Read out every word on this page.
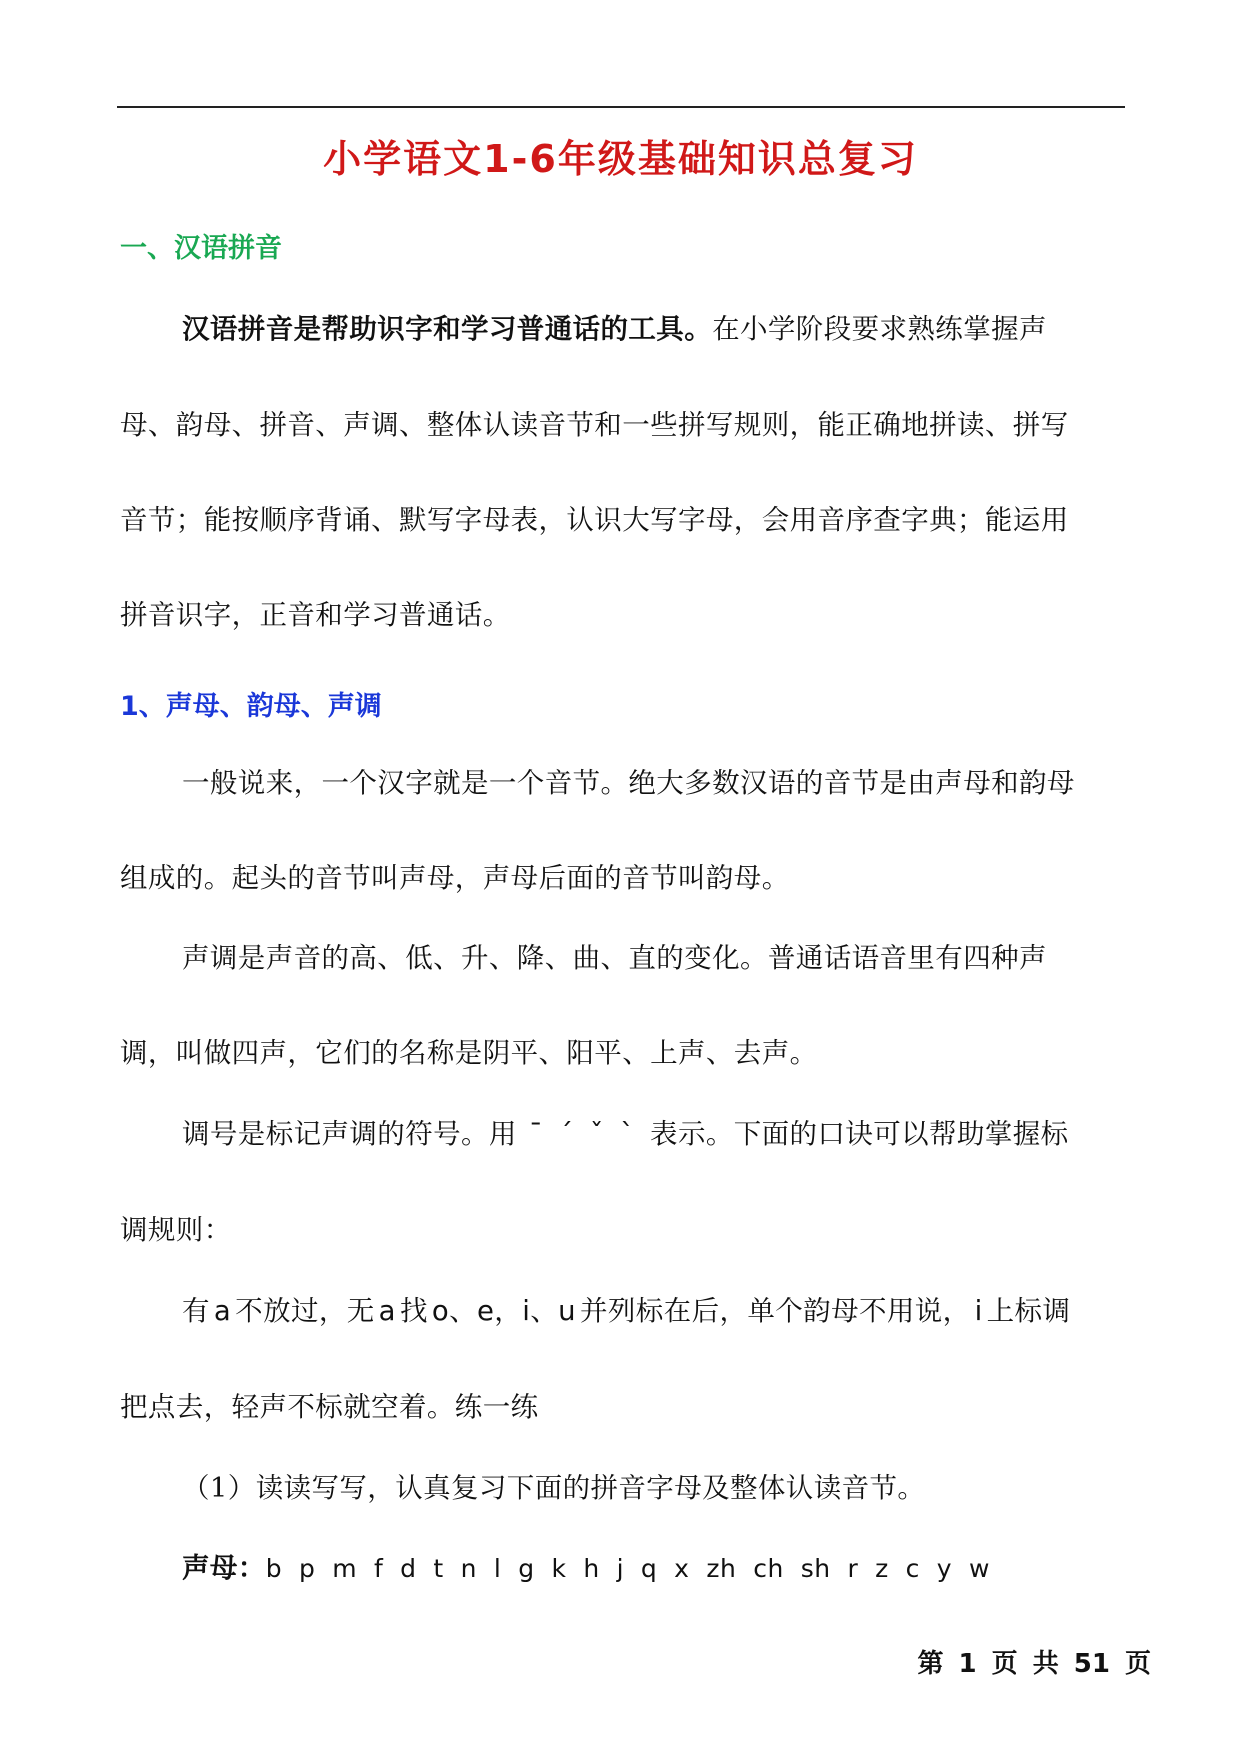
小学语文1-6年级基础知识总复习
一、汉语拼音
汉语拼音是帮助识字和学习普通话的工具。在小学阶段要求熟练掌握声
母、韵母、拼音、声调、整体认读音节和一些拼写规则，能正确地拼读、拼写
音节；能按顺序背诵、默写字母表，认识大写字母，会用音序查字典；能运用
拼音识字，正音和学习普通话。
1、声母、韵母、声调
一般说来，一个汉字就是一个音节。绝大多数汉语的音节是由声母和韵母
组成的。起头的音节叫声母，声母后面的音节叫韵母。
声调是声音的高、低、升、降、曲、直的变化。普通话语音里有四种声
调，叫做四声，它们的名称是阴平、阳平、上声、去声。
调号是标记声调的符号。用 ˉ ˊ ˇ ˋ 表示。下面的口诀可以帮助掌握标
调规则：
有 a 不放过，无 a 找 o、e，i、u 并列标在后，单个韵母不用说， i 上标调
把点去，轻声不标就空着。练一练
（1）读读写写，认真复习下面的拼音字母及整体认读音节。
声母：b  p  m  f  d  t  n  l  g  k  h  j  q  x  zh  ch  sh  r  z  c  y  w
第 1 页 共 51 页
